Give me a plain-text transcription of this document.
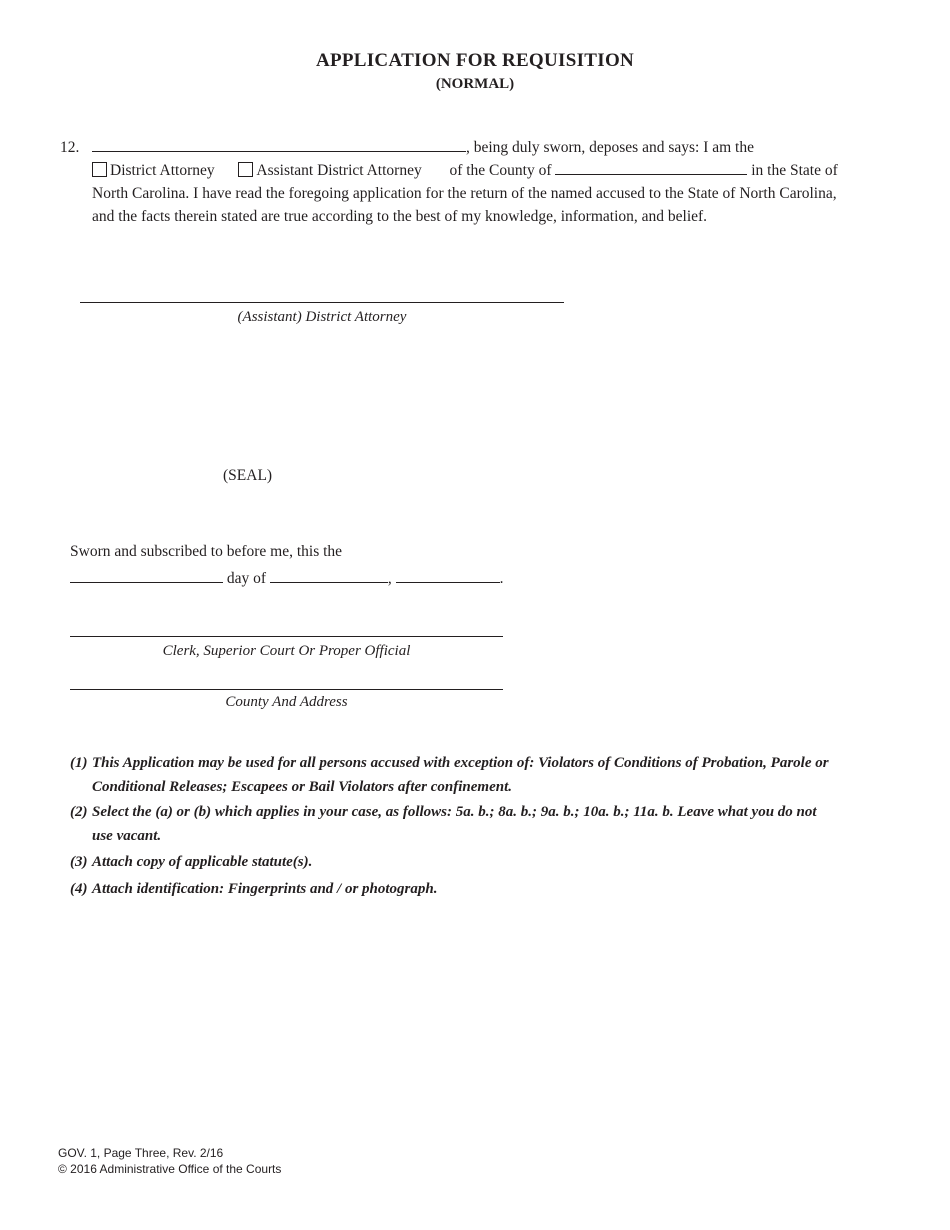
APPLICATION FOR REQUISITION
(NORMAL)
12.	, being duly sworn, deposes and says: I am the
District Attorney	Assistant District Attorney of the County of	in the State of
North Carolina. I have read the foregoing application for the return of the named accused to the State of North Carolina,
and the facts therein stated are true according to the best of my knowledge, information, and belief.
(Assistant) District Attorney
(SEAL)
Sworn and subscribed to before me, this the
day of	,	.
Clerk, Superior Court Or Proper Official
County And Address
(1) This Application may be used for all persons accused with exception of: Violators of Conditions of Probation, Parole or
Conditional Releases; Escapees or Bail Violators after confinement.
(2) Select the (a) or (b) which applies in your case, as follows: 5a. b.; 8a. b.; 9a. b.; 10a. b.; 11a. b. Leave what you do not
use vacant.
(3) Attach copy of applicable statute(s).
(4) Attach identification: Fingerprints and / or photograph.
GOV. 1, Page Three, Rev. 2/16
© 2016 Administrative Office of the Courts
